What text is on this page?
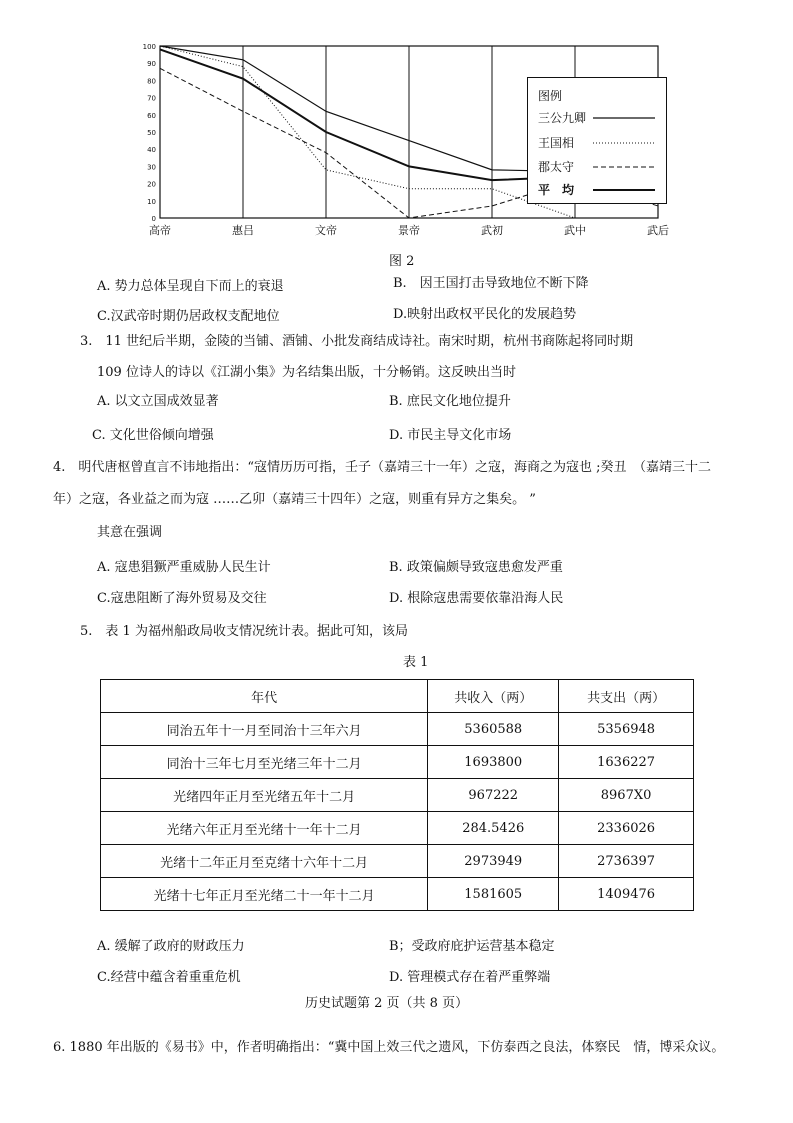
100
90
80
70
60
50
40
30
20
10
0
高帝	惠吕	文帝	景帝	武初	武中	武后
图例
三公九卿
王国相
郡太守
平　均
图 2
A. 势力总体呈现自下而上的衰退	B.　因王国打击导致地位不断下降
C.汉武帝时期仍居政权支配地位	D.映射出政权平民化的发展趋势
3.　11 世纪后半期，金陵的当铺、酒铺、小批发商结成诗社。南宋时期，杭州书商陈起将同时期
109 位诗人的诗以《江湖小集》为名结集出版，十分畅销。这反映出当时
A. 以文立国成效显著	B. 庶民文化地位提升
C. 文化世俗倾向增强	D. 市民主导文化市场
4.　明代唐枢曾直言不讳地指出：“寇情历历可指，壬子（嘉靖三十一年）之寇，海商之为寇也 ;癸丑　（嘉靖三十二
年）之寇，各业益之而为寇 ……乙卯（嘉靖三十四年）之寇，则重有异方之集矣。 ”
其意在强调
A. 寇患猖獗严重威胁人民生计	B. 政策偏颇导致寇患愈发严重
C.寇患阻断了海外贸易及交往	D. 根除寇患需要依靠沿海人民
5.　表 1 为福州船政局收支情况统计表。据此可知，该局
表 1
年代	共收入（两）	共支出（两）
同治五年十一月至同治十三年六月	5360588	5356948
同治十三年七月至光绪三年十二月	1693800	1636227
光绪四年正月至光绪五年十二月	967222	8967X0
光绪六年正月至光绪十一年十二月	284.5426	2336026
光绪十二年正月至克绪十六年十二月	2973949	2736397
光绪十七年正月至光绪二十一年十二月	1581605	1409476
A. 缓解了政府的财政压力	B；受政府庇护运营基本稳定
C.经营中蕴含着重重危机	D. 管理模式存在着严重弊端
历史试题第 2 页（共 8 页）
6. 1880 年出版的《易书》中，作者明确指出：“冀中国上效三代之遗风，下仿泰西之良法，体察民　情，博采众议。
